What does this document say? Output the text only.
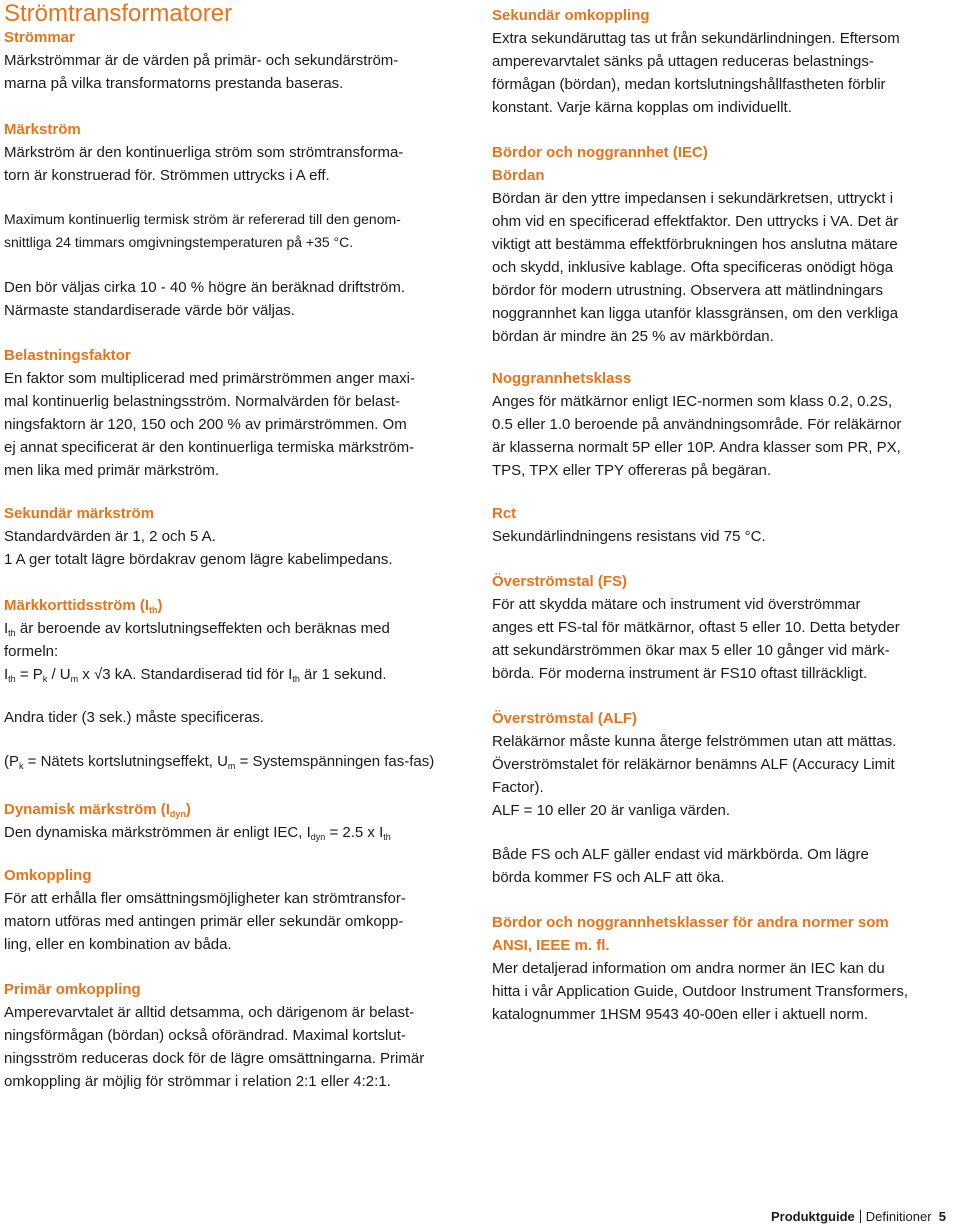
Strömtransformatorer
Strömmar

Märkströmmar är de värden på primär- och sekundärström-

marna på vilka transformatorns prestanda baseras.

Märkström

Märkström är den kontinuerliga ström som strömtransforma-

torn är konstruerad för. Strömmen uttrycks i A eff.

Maximum kontinuerlig termisk ström är refererad till den genom-

snittliga 24 timmars omgivningstemperaturen på +35 °C.

Den bör väljas cirka 10 - 40 % högre än beräknad driftström.

Närmaste standardiserade värde bör väljas.

Belastningsfaktor

En faktor som multiplicerad med primärströmmen anger maxi-

mal kontinuerlig belastningsström. Normalvärden för belast-

ningsfaktorn är 120, 150 och 200 % av primärströmmen. Om

ej annat specificerat är den kontinuerliga termiska märkström-

men lika med primär märkström.

Sekundär märkström

Standardvärden är 1, 2 och 5 A.

1 A ger totalt lägre bördakrav genom lägre kabelimpedans.

Märkkorttidsström $(I_{th})$

$I_{th}$ är beroende av kortslutningseffekten och beräknas med

formeln:

$I_{th} = P_k / U_m$ x √3 kA. Standardiserad tid för $I_{th}$ är 1 sekund.

Andra tider (3 sek.) måste specificeras.

($P_k$ = Nätets kortslutningseffekt, $U_m$ = Systemspänningen fas-fas)

Dynamisk märkström $(I_{dyn})$

Den dynamiska märkströmmen är enligt IEC, $I_{dyn} = 2.5$ x $I_{th}$

Omkoppling

För att erhålla fler omsättningsmöjligheter kan strömtransfor-

matorn utföras med antingen primär eller sekundär omkopp-

ling, eller en kombination av båda.

Primär omkoppling

Amperevarvtalet är alltid detsamma, och därigenom är belast-

ningsförmågan (bördan) också oförändrad. Maximal kortslut-

ningsström reduceras dock för de lägre omsättningarna. Primär

omkoppling är möjlig för strömmar i relation 2:1 eller 4:2:1.

Sekundär omkoppling

Extra sekundäruttag tas ut från sekundärlindningen. Eftersom

amperevarvtalet sänks på uttagen reduceras belastnings-

förmågan (bördan), medan kortslutningshållfastheten förblir

konstant. Varje kärna kopplas om individuellt.

Bördor och noggrannhet (IEC)
Bördan

Bördan är den yttre impedansen i sekundärkretsen, uttryckt i

ohm vid en specificerad effektfaktor. Den uttrycks i VA. Det är

viktigt att bestämma effektförbrukningen hos anslutna mätare

och skydd, inklusive kablage. Ofta specificeras onödigt höga

bördor för modern utrustning. Observera att mätlindningars

noggrannhet kan ligga utanför klassgränsen, om den verkliga

bördan är mindre än 25 % av märkbördan.

Noggrannhetsklass

Anges för mätkärnor enligt IEC-normen som klass 0.2, 0.2S,

0.5 eller 1.0 beroende på användningsområde. För reläkärnor

är klasserna normalt 5P eller 10P. Andra klasser som PR, PX,

TPS, TPX eller TPY offereras på begäran.

Rct

Sekundärlindningens resistans vid 75 °C.

Överströmstal (FS)

För att skydda mätare och instrument vid överströmmar

anges ett FS-tal för mätkärnor, oftast 5 eller 10. Detta betyder

att sekundärströmmen ökar max 5 eller 10 gånger vid märk-

börda. För moderna instrument är FS10 oftast tillräckligt.

Överströmstal (ALF)

Reläkärnor måste kunna återge felströmmen utan att mättas.

Överströmstalet för reläkärnor benämns ALF (Accuracy Limit

Factor).

ALF = 10 eller 20 är vanliga värden.

Både FS och ALF gäller endast vid märkbörda. Om lägre

börda kommer FS och ALF att öka.

Bördor och noggrannhetsklasser för andra normer som
ANSI, IEEE m. fl.

Mer detaljerad information om andra normer än IEC kan du

hitta i vår Application Guide, Outdoor Instrument Transformers,

katalognummer 1HSM 9543 40-00en eller i aktuell norm.

Produktguide Definitioner 5
